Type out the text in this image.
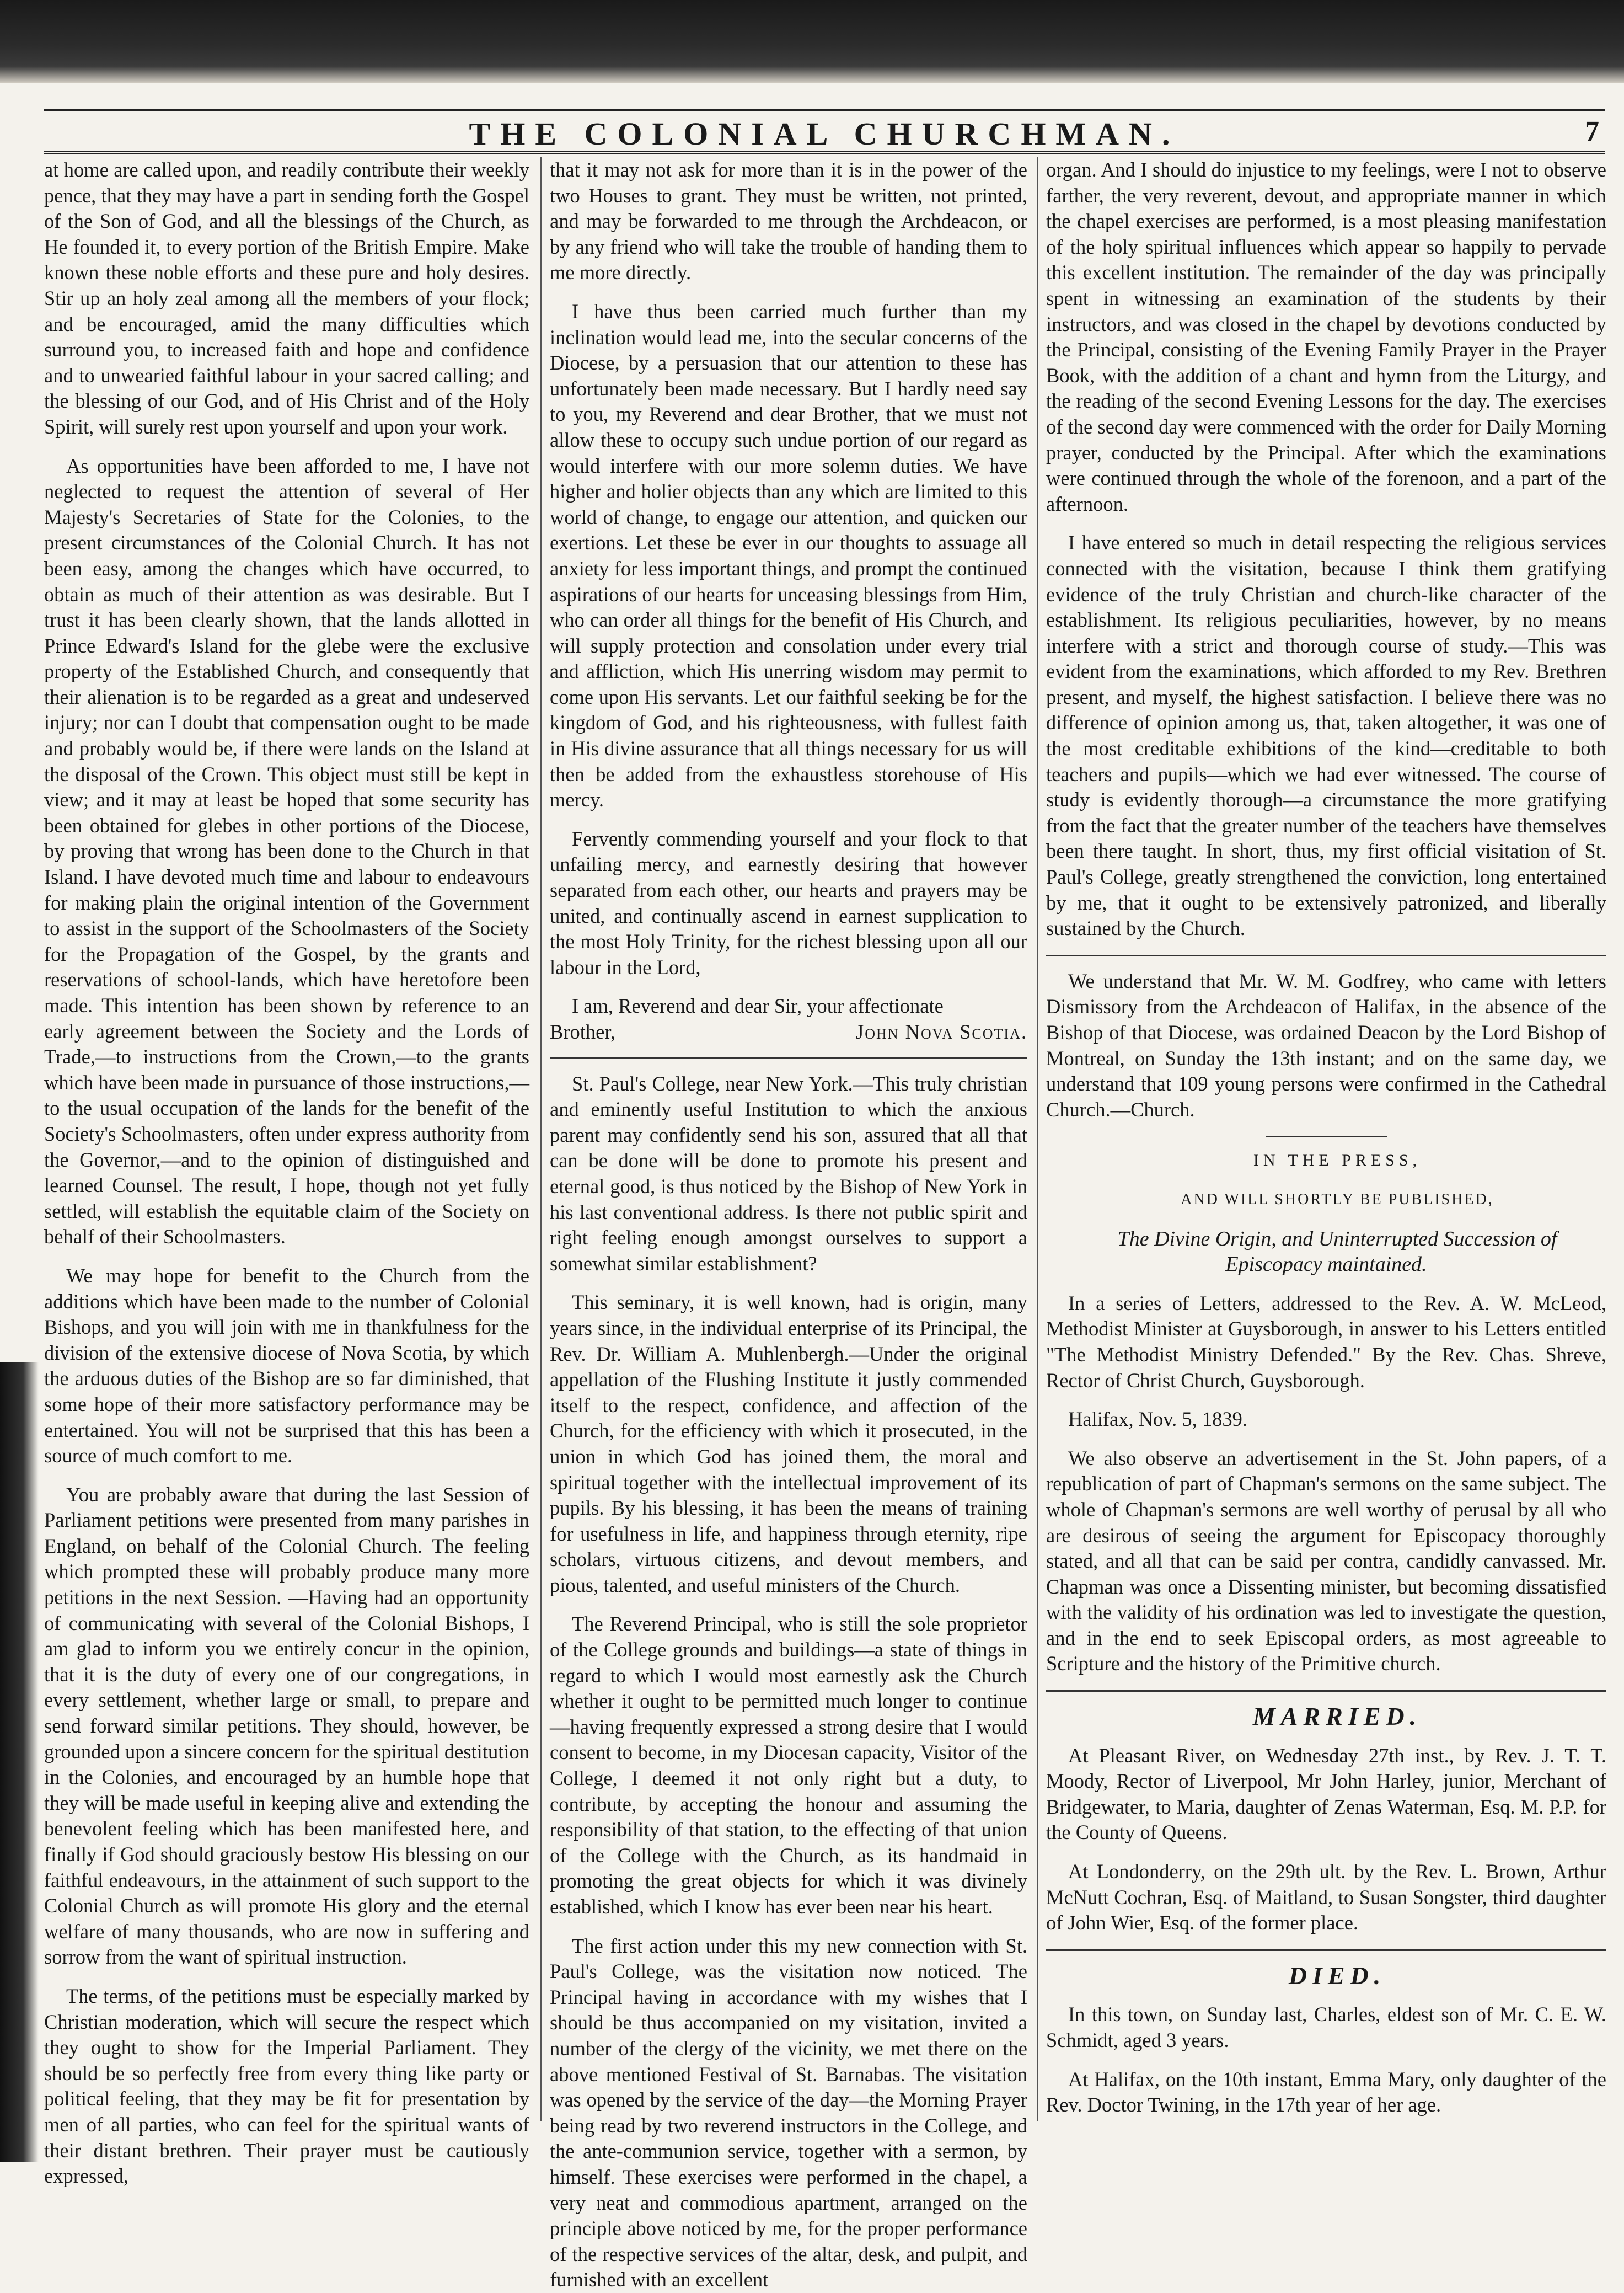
THE COLONIAL CHURCHMAN.	7

at home are called upon, and readily contribute their weekly pence, that they may have a part in sending forth the Gospel of the Son of God, and all the blessings of the Church, as He founded it, to every portion of the British Empire. Make known these noble efforts and these pure and holy desires. Stir up an holy zeal among all the members of your flock; and be encouraged, amid the many difficulties which surround you, to increased faith and hope and confidence and to unwearied faithful labour in your sacred calling; and the blessing of our God, and of His Christ and of the Holy Spirit, will surely rest upon yourself and upon your work.

As opportunities have been afforded to me, I have not neglected to request the attention of several of Her Majesty's Secretaries of State for the Colonies, to the present circumstances of the Colonial Church. It has not been easy, among the changes which have occurred, to obtain as much of their attention as was desirable. But I trust it has been clearly shown, that the lands allotted in Prince Edward's Island for the glebe were the exclusive property of the Established Church, and consequently that their alienation is to be regarded as a great and undeserved injury; nor can I doubt that compensation ought to be made and probably would be, if there were lands on the Island at the disposal of the Crown. This object must still be kept in view; and it may at least be hoped that some security has been obtained for glebes in other portions of the Diocese, by proving that wrong has been done to the Church in that Island. I have devoted much time and labour to endeavours for making plain the original intention of the Government to assist in the support of the Schoolmasters of the Society for the Propagation of the Gospel, by the grants and reservations of school-lands, which have heretofore been made. This intention has been shown by reference to an early agreement between the Society and the Lords of Trade,—to instructions from the Crown,—to the grants which have been made in pursuance of those instructions,—to the usual occupation of the lands for the benefit of the Society's Schoolmasters, often under express authority from the Governor,—and to the opinion of distinguished and learned Counsel. The result, I hope, though not yet fully settled, will establish the equitable claim of the Society on behalf of their Schoolmasters.

We may hope for benefit to the Church from the additions which have been made to the number of Colonial Bishops, and you will join with me in thankfulness for the division of the extensive diocese of Nova Scotia, by which the arduous duties of the Bishop are so far diminished, that some hope of their more satisfactory performance may be entertained. You will not be surprised that this has been a source of much comfort to me.

You are probably aware that during the last Session of Parliament petitions were presented from many parishes in England, on behalf of the Colonial Church. The feeling which prompted these will probably produce many more petitions in the next Session. —Having had an opportunity of communicating with several of the Colonial Bishops, I am glad to inform you we entirely concur in the opinion, that it is the duty of every one of our congregations, in every settlement, whether large or small, to prepare and send forward similar petitions. They should, however, be grounded upon a sincere concern for the spiritual destitution in the Colonies, and encouraged by an humble hope that they will be made useful in keeping alive and extending the benevolent feeling which has been manifested here, and finally if God should graciously bestow His blessing on our faithful endeavours, in the attainment of such support to the Colonial Church as will promote His glory and the eternal welfare of many thousands, who are now in suffering and sorrow from the want of spiritual instruction.

The terms, of the petitions must be especially marked by Christian moderation, which will secure the respect which they ought to show for the Imperial Parliament. They should be so perfectly free from every thing like party or political feeling, that they may be fit for presentation by men of all parties, who can feel for the spiritual wants of their distant brethren. Their prayer must be cautiously expressed,

that it may not ask for more than it is in the power of the two Houses to grant. They must be written, not printed, and may be forwarded to me through the Archdeacon, or by any friend who will take the trouble of handing them to me more directly.

I have thus been carried much further than my inclination would lead me, into the secular concerns of the Diocese, by a persuasion that our attention to these has unfortunately been made necessary. But I hardly need say to you, my Reverend and dear Brother, that we must not allow these to occupy such undue portion of our regard as would interfere with our more solemn duties. We have higher and holier objects than any which are limited to this world of change, to engage our attention, and quicken our exertions. Let these be ever in our thoughts to assuage all anxiety for less important things, and prompt the continued aspirations of our hearts for unceasing blessings from Him, who can order all things for the benefit of His Church, and will supply protection and consolation under every trial and affliction, which His unerring wisdom may permit to come upon His servants. Let our faithful seeking be for the kingdom of God, and his righteousness, with fullest faith in His divine assurance that all things necessary for us will then be added from the exhaustless storehouse of His mercy.

Fervently commending yourself and your flock to that unfailing mercy, and earnestly desiring that however separated from each other, our hearts and prayers may be united, and continually ascend in earnest supplication to the most Holy Trinity, for the richest blessing upon all our labour in the Lord,

I am, Reverend and dear Sir, your affectionate

Brother,	John Nova Scotia.

St. Paul's College, near New York.—This truly christian and eminently useful Institution to which the anxious parent may confidently send his son, assured that all that can be done will be done to promote his present and eternal good, is thus noticed by the Bishop of New York in his last conventional address. Is there not public spirit and right feeling enough amongst ourselves to support a somewhat similar establishment?

This seminary, it is well known, had is origin, many years since, in the individual enterprise of its Principal, the Rev. Dr. William A. Muhlenbergh.—Under the original appellation of the Flushing Institute it justly commended itself to the respect, confidence, and affection of the Church, for the efficiency with which it prosecuted, in the union in which God has joined them, the moral and spiritual together with the intellectual improvement of its pupils. By his blessing, it has been the means of training for usefulness in life, and happiness through eternity, ripe scholars, virtuous citizens, and devout members, and pious, talented, and useful ministers of the Church.

The Reverend Principal, who is still the sole proprietor of the College grounds and buildings—a state of things in regard to which I would most earnestly ask the Church whether it ought to be permitted much longer to continue—having frequently expressed a strong desire that I would consent to become, in my Diocesan capacity, Visitor of the College, I deemed it not only right but a duty, to contribute, by accepting the honour and assuming the responsibility of that station, to the effecting of that union of the College with the Church, as its handmaid in promoting the great objects for which it was divinely established, which I know has ever been near his heart.

The first action under this my new connection with St. Paul's College, was the visitation now noticed. The Principal having in accordance with my wishes that I should be thus accompanied on my visitation, invited a number of the clergy of the vicinity, we met there on the above mentioned Festival of St. Barnabas. The visitation was opened by the service of the day—the Morning Prayer being read by two reverend instructors in the College, and the ante-communion service, together with a sermon, by himself. These exercises were performed in the chapel, a very neat and commodious apartment, arranged on the principle above noticed by me, for the proper performance of the respective services of the altar, desk, and pulpit, and furnished with an excellent

organ. And I should do injustice to my feelings, were I not to observe farther, the very reverent, devout, and appropriate manner in which the chapel exercises are performed, is a most pleasing manifestation of the holy spiritual influences which appear so happily to pervade this excellent institution. The remainder of the day was principally spent in witnessing an examination of the students by their instructors, and was closed in the chapel by devotions conducted by the Principal, consisting of the Evening Family Prayer in the Prayer Book, with the addition of a chant and hymn from the Liturgy, and the reading of the second Evening Lessons for the day. The exercises of the second day were commenced with the order for Daily Morning prayer, conducted by the Principal. After which the examinations were continued through the whole of the forenoon, and a part of the afternoon.

I have entered so much in detail respecting the religious services connected with the visitation, because I think them gratifying evidence of the truly Christian and church-like character of the establishment. Its religious peculiarities, however, by no means interfere with a strict and thorough course of study.—This was evident from the examinations, which afforded to my Rev. Brethren present, and myself, the highest satisfaction. I believe there was no difference of opinion among us, that, taken altogether, it was one of the most creditable exhibitions of the kind—creditable to both teachers and pupils—which we had ever witnessed. The course of study is evidently thorough—a circumstance the more gratifying from the fact that the greater number of the teachers have themselves been there taught. In short, thus, my first official visitation of St. Paul's College, greatly strengthened the conviction, long entertained by me, that it ought to be extensively patronized, and liberally sustained by the Church.

We understand that Mr. W. M. Godfrey, who came with letters Dismissory from the Archdeacon of Halifax, in the absence of the Bishop of that Diocese, was ordained Deacon by the Lord Bishop of Montreal, on Sunday the 13th instant; and on the same day, we understand that 109 young persons were confirmed in the Cathedral Church.—Church.

IN THE PRESS,

AND WILL SHORTLY BE PUBLISHED,

The Divine Origin, and Uninterrupted Succession of Episcopacy maintained.

In a series of Letters, addressed to the Rev. A. W. McLeod, Methodist Minister at Guysborough, in answer to his Letters entitled "The Methodist Ministry Defended." By the Rev. Chas. Shreve, Rector of Christ Church, Guysborough.

Halifax, Nov. 5, 1839.

We also observe an advertisement in the St. John papers, of a republication of part of Chapman's sermons on the same subject. The whole of Chapman's sermons are well worthy of perusal by all who are desirous of seeing the argument for Episcopacy thoroughly stated, and all that can be said per contra, candidly canvassed. Mr. Chapman was once a Dissenting minister, but becoming dissatisfied with the validity of his ordination was led to investigate the question, and in the end to seek Episcopal orders, as most agreeable to Scripture and the history of the Primitive church.

MARRIED.

At Pleasant River, on Wednesday 27th inst., by Rev. J. T. T. Moody, Rector of Liverpool, Mr John Harley, junior, Merchant of Bridgewater, to Maria, daughter of Zenas Waterman, Esq. M. P.P. for the County of Queens.

At Londonderry, on the 29th ult. by the Rev. L. Brown, Arthur McNutt Cochran, Esq. of Maitland, to Susan Songster, third daughter of John Wier, Esq. of the former place.

DIED.

In this town, on Sunday last, Charles, eldest son of Mr. C. E. W. Schmidt, aged 3 years.

At Halifax, on the 10th instant, Emma Mary, only daughter of the Rev. Doctor Twining, in the 17th year of her age.
